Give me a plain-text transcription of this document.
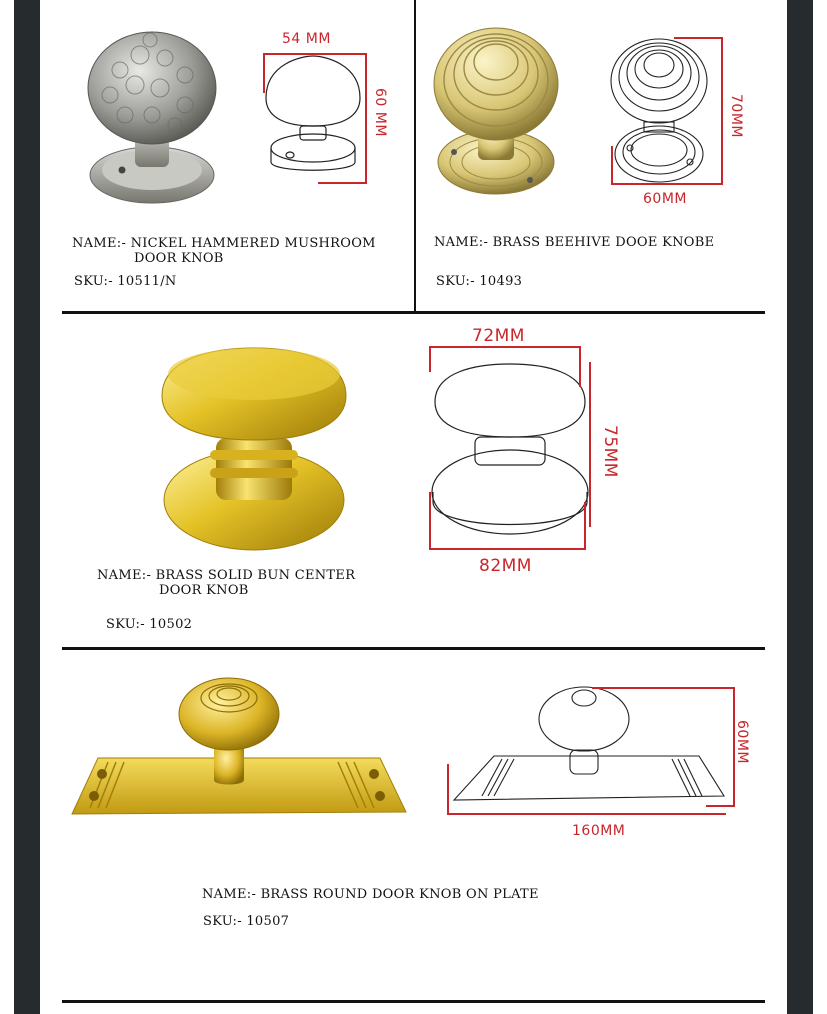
54 MM
60 MM
NAME:- NICKEL HAMMERED MUSHROOM
DOOR KNOB
SKU:- 10511/N
60MM
70MM
NAME:- BRASS BEEHIVE DOOE KNOBE
SKU:- 10493
72MM
75MM
82MM
NAME:- BRASS SOLID BUN CENTER
DOOR KNOB
SKU:- 10502
160MM
60MM
NAME:- BRASS ROUND DOOR KNOB ON PLATE
SKU:- 10507
